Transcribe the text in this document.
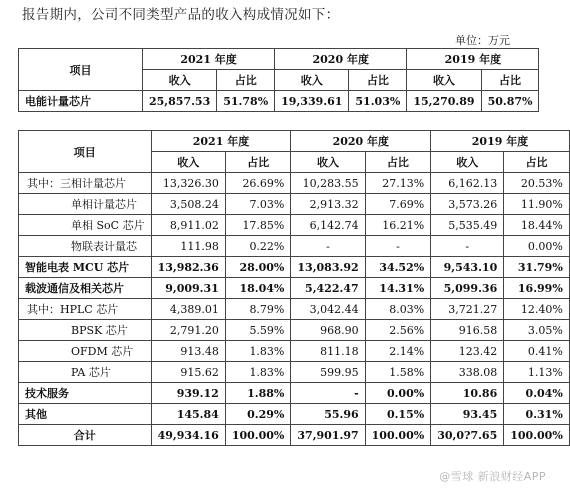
报告期内，公司不同类型产品的收入构成情况如下：
单位：万元
项目	2021 年度		2020 年度		2019 年度	
	收入	占比	收入	占比	收入	占比
电能计量芯片	25,857.53	51.78%	19,339.61	51.03%	15,270.89	50.87%
项目	2021 年度		2020 年度		2019 年度	
	收入	占比	收入	占比	收入	占比
其中：三相计量芯片	13,326.30	26.69%	10,283.55	27.13%	6,162.13	20.53%
单相计量芯片	3,508.24	7.03%	2,913.32	7.69%	3,573.26	11.90%
单相 SoC 芯片	8,911.02	17.85%	6,142.74	16.21%	5,535.49	18.44%
物联表计量芯	111.98	0.22%	-	-	-	0.00%
智能电表 MCU 芯片	13,982.36	28.00%	13,083.92	34.52%	9,543.10	31.79%
载波通信及相关芯片	9,009.31	18.04%	5,422.47	14.31%	5,099.36	16.99%
其中：HPLC 芯片	4,389.01	8.79%	3,042.44	8.03%	3,721.27	12.40%
BPSK 芯片	2,791.20	5.59%	968.90	2.56%	916.58	3.05%
OFDM 芯片	913.48	1.83%	811.18	2.14%	123.42	0.41%
PA 芯片	915.62	1.83%	599.95	1.58%	338.08	1.13%
技术服务	939.12	1.88%	-	0.00%	10.86	0.04%
其他	145.84	0.29%	55.96	0.15%	93.45	0.31%
合计	49,934.16	100.00%	37,901.97	100.00%	30,0?7.65	100.00%
@雪球 新浪财经APP
